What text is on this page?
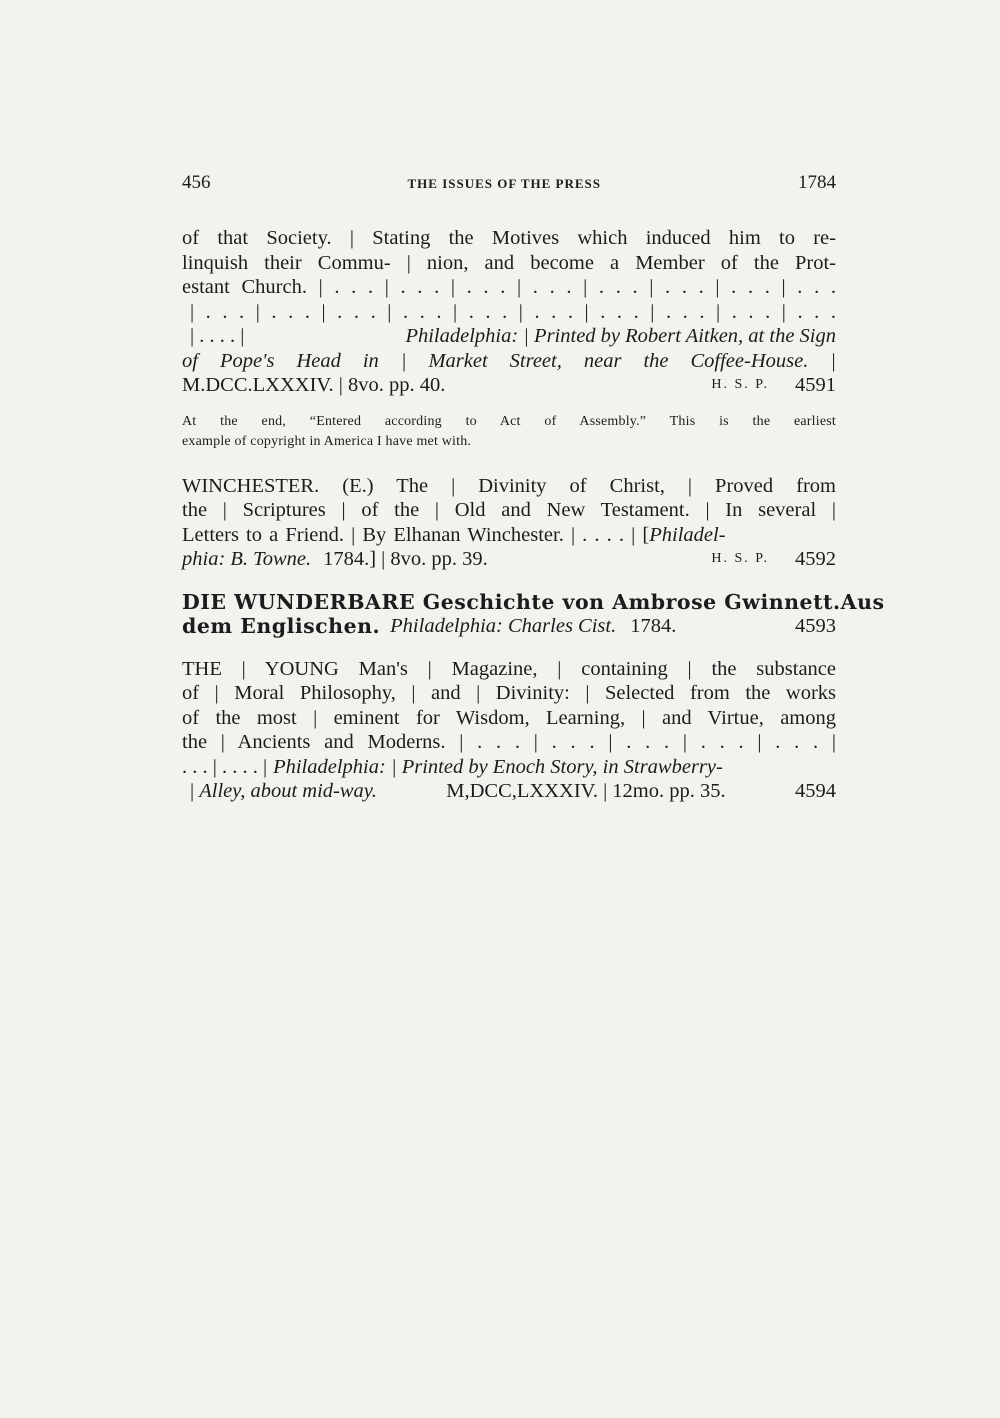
456	THE ISSUES OF THE PRESS	1784
of that Society. | Stating the Motives which induced him to re-
linquish their Commu- | nion, and become a Member of the Prot-
estant Church. | . . . | . . . | . . . | . . . | . . . | . . . | . . . | . . .
| . . . | . . . | . . . | . . . | . . . | . . . | . . . | . . . | . . . | . . .
| . . . . |	Philadelphia: | Printed by Robert Aitken, at the Sign
of Pope's Head in | Market Street, near the Coffee-House. |
M.DCC.LXXXIV. | 8vo. pp. 40.	H. S. P. 4591
At the end, “Entered according to Act of Assembly.” This is the earliest
example of copyright in America I have met with.
WINCHESTER. (E.) The | Divinity of Christ, | Proved from
the | Scriptures | of the | Old and New Testament. | In several |
Letters to a Friend. | By Elhanan Winchester. | . . . . | [ Philadel-
phia: B. Towne. 1784.] | 8vo. pp. 39.	H. S. P. 4592
DIE WUNDERBARE Geschichte von Ambrose Gwinnett. Aus
dem Englischen. Philadelphia: Charles Cist. 1784.	4593
THE | YOUNG Man's | Magazine, | containing | the substance
of | Moral Philosophy, | and | Divinity: | Selected from the works
of the most | eminent for Wisdom, Learning, | and Virtue, among
the | Ancients and Moderns. | . . . | . . . | . . . | . . . | . . . |
. . . | . . . . | Philadelphia: | Printed by Enoch Story, in Strawberry-
| Alley, about mid-way.	M,DCC,LXXXIV. | 12mo. pp. 35.	4594
